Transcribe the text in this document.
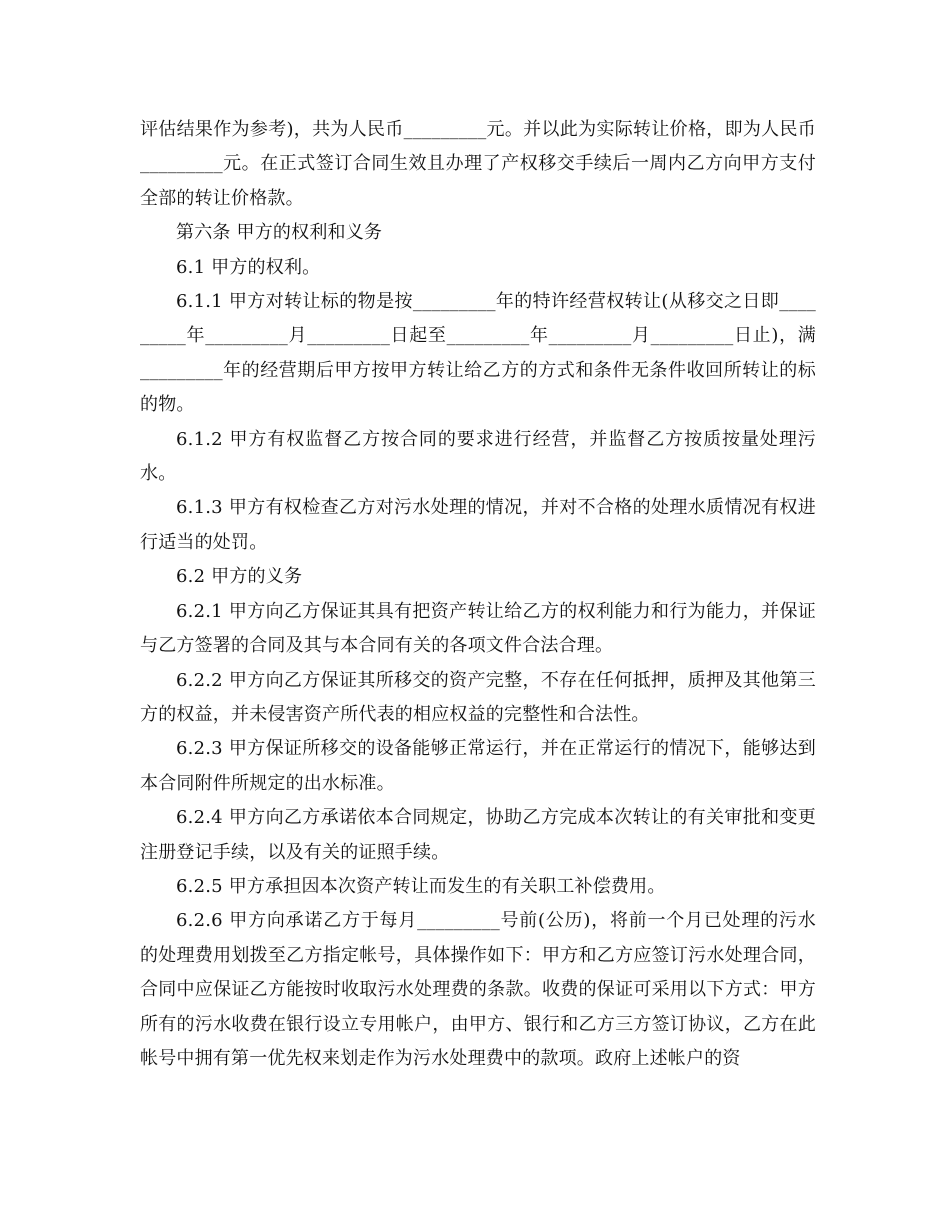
评估结果作为参考)，共为人民币_________元。并以此为实际转让价格，即为人民币_________元。在正式签订合同生效且办理了产权移交手续后一周内乙方向甲方支付全部的转让价格款。

第六条 甲方的权利和义务

6.1 甲方的权利。

6.1.1 甲方对转让标的物是按_________年的特许经营权转让(从移交之日即_________年_________月_________日起至_________年_________月_________日止)，满_________年的经营期后甲方按甲方转让给乙方的方式和条件无条件收回所转让的标的物。

6.1.2 甲方有权监督乙方按合同的要求进行经营，并监督乙方按质按量处理污水。

6.1.3 甲方有权检查乙方对污水处理的情况，并对不合格的处理水质情况有权进行适当的处罚。

6.2 甲方的义务

6.2.1 甲方向乙方保证其具有把资产转让给乙方的权利能力和行为能力，并保证与乙方签署的合同及其与本合同有关的各项文件合法合理。

6.2.2 甲方向乙方保证其所移交的资产完整，不存在任何抵押，质押及其他第三方的权益，并未侵害资产所代表的相应权益的完整性和合法性。

6.2.3 甲方保证所移交的设备能够正常运行，并在正常运行的情况下，能够达到本合同附件所规定的出水标准。

6.2.4 甲方向乙方承诺依本合同规定，协助乙方完成本次转让的有关审批和变更注册登记手续，以及有关的证照手续。

6.2.5 甲方承担因本次资产转让而发生的有关职工补偿费用。

6.2.6 甲方向承诺乙方于每月_________号前(公历)，将前一个月已处理的污水的处理费用划拨至乙方指定帐号，具体操作如下：甲方和乙方应签订污水处理合同，合同中应保证乙方能按时收取污水处理费的条款。收费的保证可采用以下方式：甲方所有的污水收费在银行设立专用帐户，由甲方、银行和乙方三方签订协议，乙方在此帐号中拥有第一优先权来划走作为污水处理费中的款项。政府上述帐户的资
